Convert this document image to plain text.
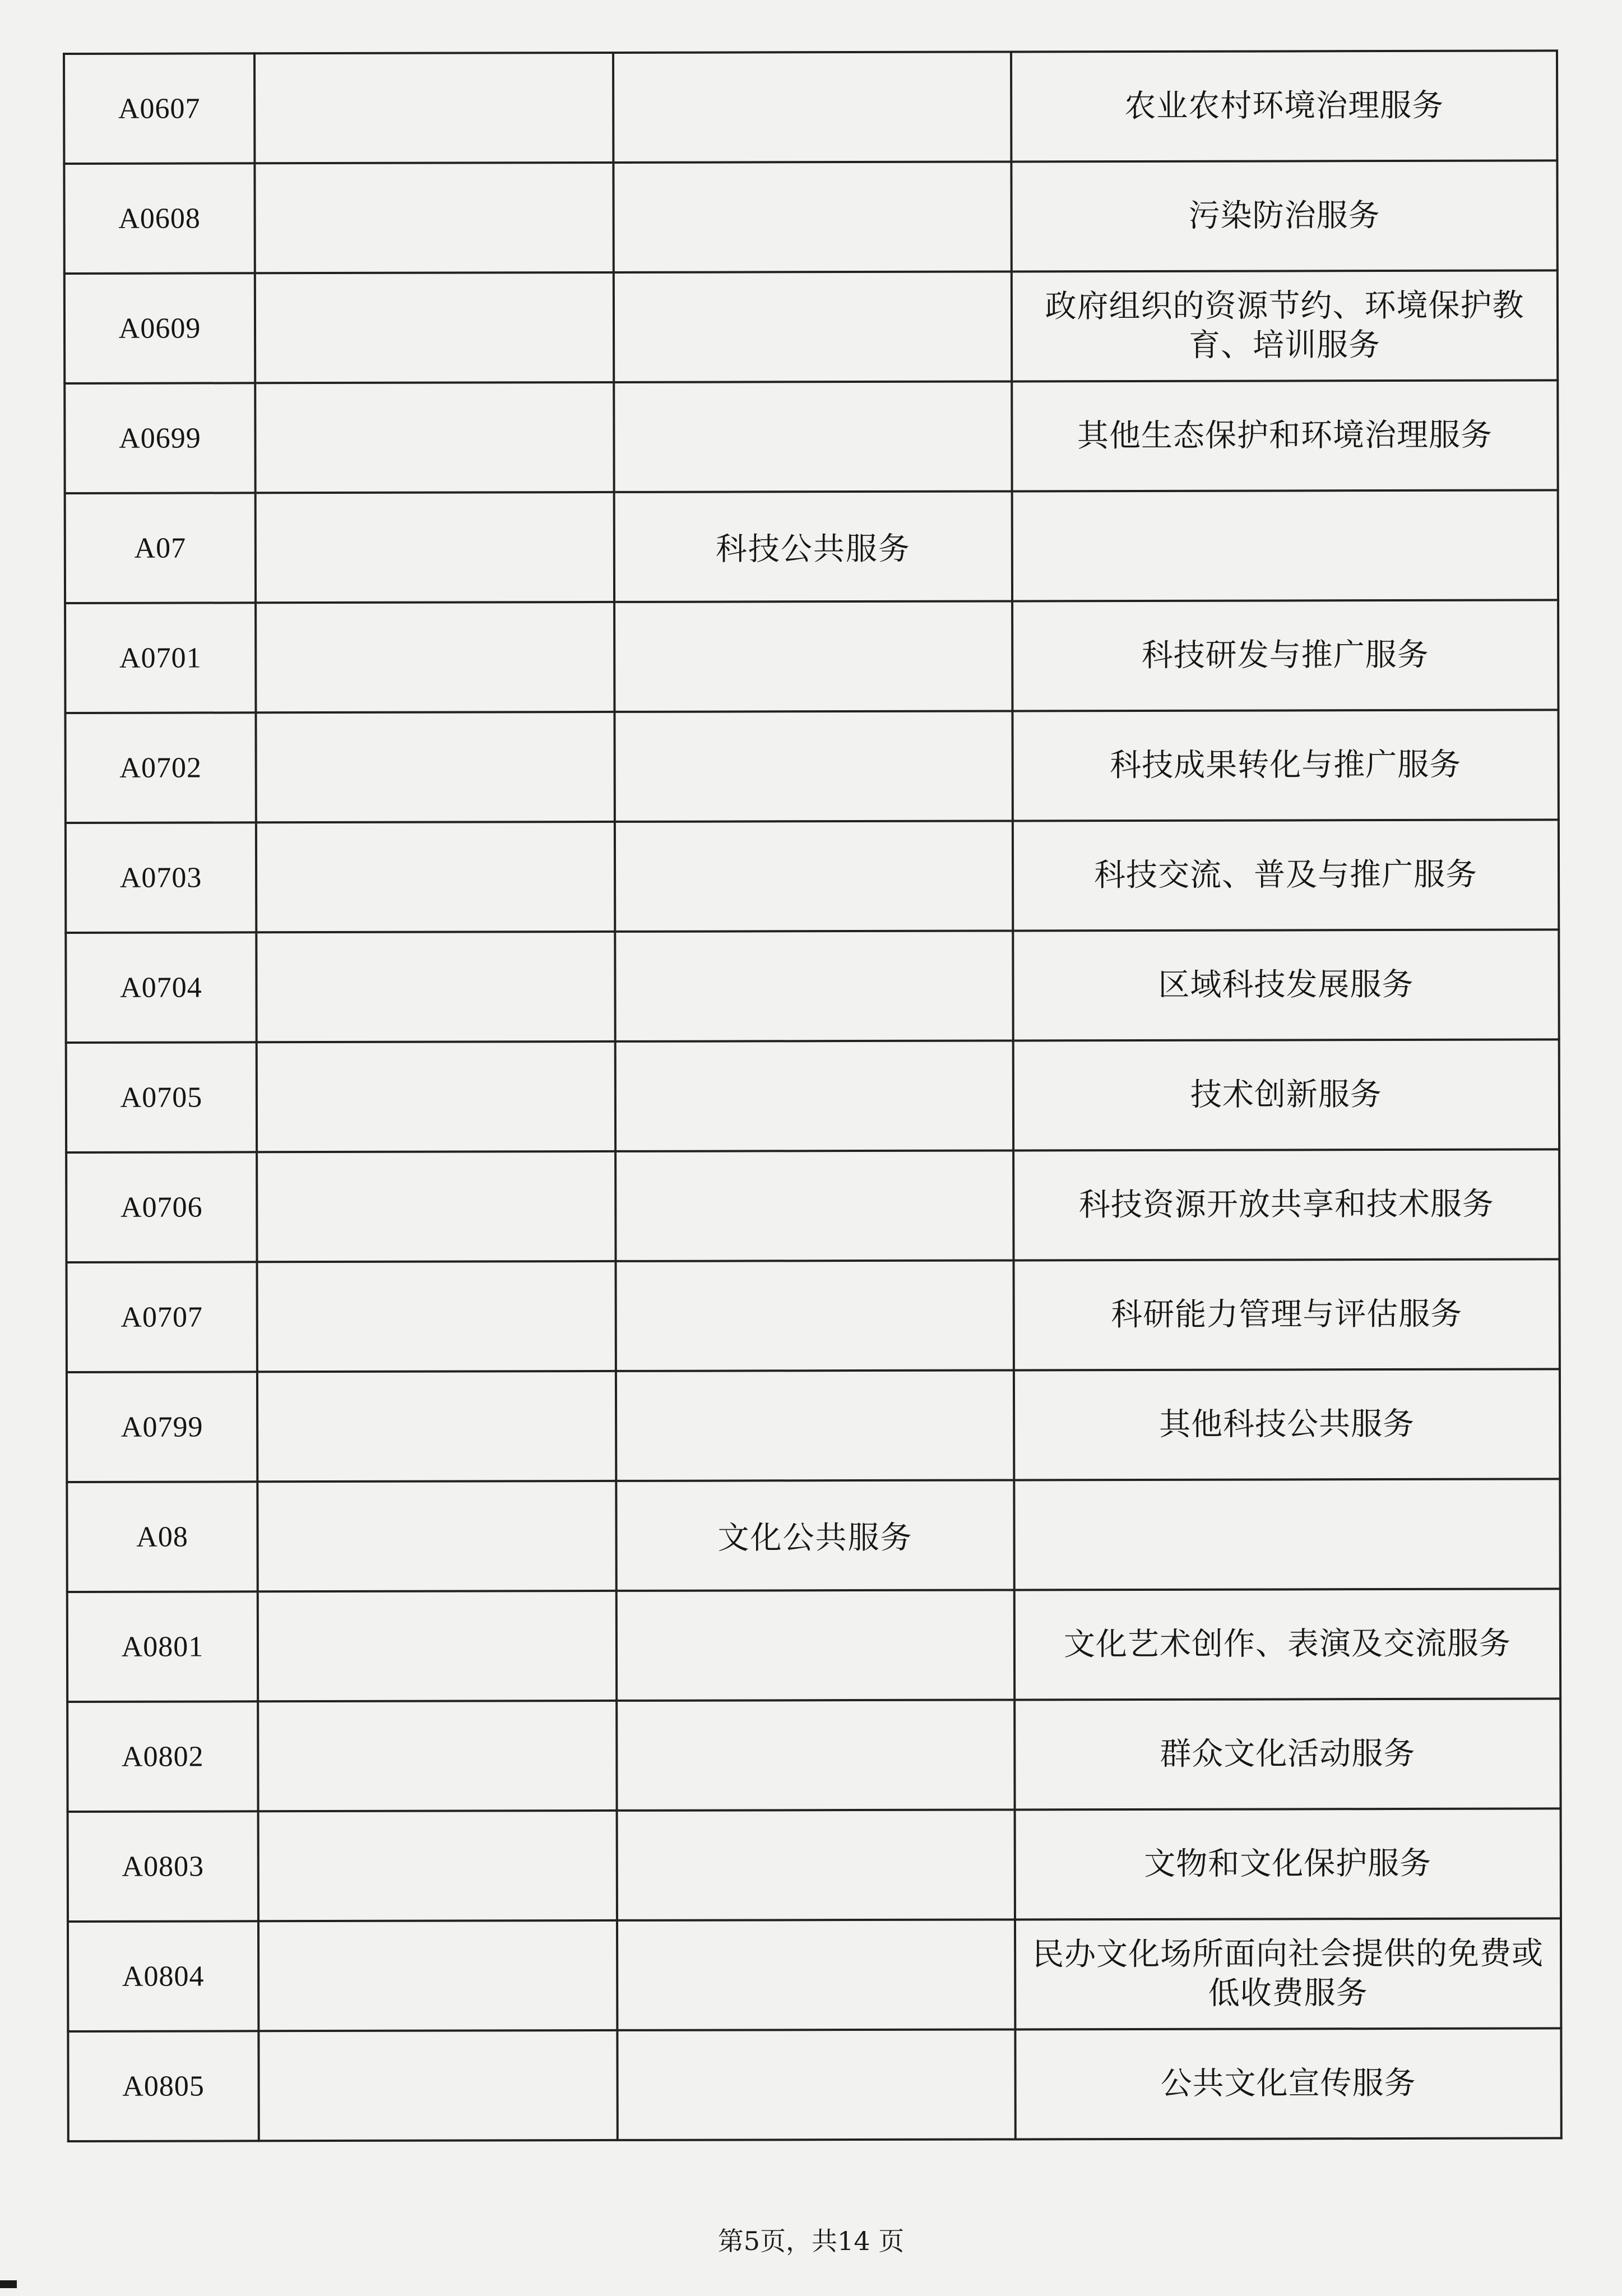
A0607			农业农村环境治理服务
A0608			污染防治服务
A0609			政府组织的资源节约、环境保护教育、培训服务
A0699			其他生态保护和环境治理服务
A07		科技公共服务	
A0701			科技研发与推广服务
A0702			科技成果转化与推广服务
A0703			科技交流、普及与推广服务
A0704			区域科技发展服务
A0705			技术创新服务
A0706			科技资源开放共享和技术服务
A0707			科研能力管理与评估服务
A0799			其他科技公共服务
A08		文化公共服务	
A0801			文化艺术创作、表演及交流服务
A0802			群众文化活动服务
A0803			文物和文化保护服务
A0804			民办文化场所面向社会提供的免费或低收费服务
A0805			公共文化宣传服务
第5页，共14 页
